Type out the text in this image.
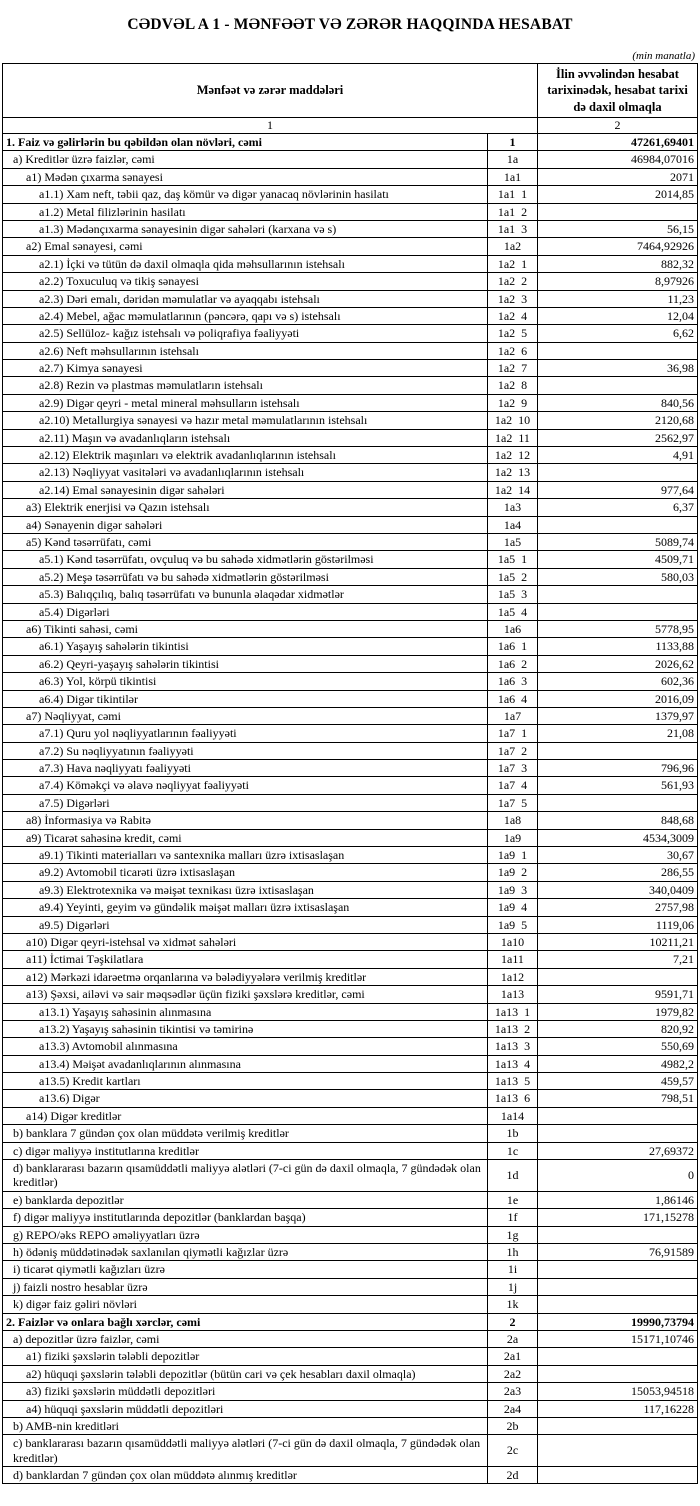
CƏDVƏL A 1 - MƏNFƏƏT VƏ ZƏRƏR HAQQINDA HESABAT
(min manatla)
Mənfəət və zərər maddələri		İlin əvvəlindən hesabat tarixinədək, hesabat tarixi də daxil olmaqla
1		2
1. Faiz və gəlirlərin bu qəbildən olan növləri, cəmi	1	47261,69401
a) Kreditlər üzrə faizlər, cəmi	1a	46984,07016
a1) Mədən çıxarma sənayesi	1a1	2071
a1.1) Xam neft, təbii qaz, daş kömür və digər yanacaq növlərinin hasilatı	1a1  1	2014,85
a1.2) Metal filizlərinin hasilatı	1a1  2	
a1.3) Mədənçıxarma sənayesinin digər sahələri (karxana və s)	1a1  3	56,15
a2) Emal sənayesi, cəmi	1a2	7464,92926
a2.1) İçki və tütün də daxil olmaqla qida məhsullarının istehsalı	1a2  1	882,32
a2.2) Toxuculuq və tikiş sənayesi	1a2  2	8,97926
a2.3) Dəri emalı, dəridən məmulatlar və ayaqqabı istehsalı	1a2  3	11,23
a2.4) Mebel, ağac məmulatlarının (pəncərə, qapı və s) istehsalı	1a2  4	12,04
a2.5) Sellüloz- kağız istehsalı və poliqrafiya fəaliyyəti	1a2  5	6,62
a2.6) Neft məhsullarının istehsalı	1a2  6	
a2.7) Kimya sənayesi	1a2  7	36,98
a2.8) Rezin və plastmas məmulatların istehsalı	1a2  8	
a2.9) Digər qeyri - metal mineral məhsulların istehsalı	1a2  9	840,56
a2.10) Metallurgiya sənayesi və hazır metal məmulatlarının istehsalı	1a2  10	2120,68
a2.11) Maşın və avadanlıqların istehsalı	1a2  11	2562,97
a2.12) Elektrik maşınları və elektrik avadanlıqlarının istehsalı	1a2  12	4,91
a2.13) Nəqliyyat vasitələri və avadanlıqlarının istehsalı	1a2  13	
a2.14) Emal sənayesinin digər sahələri	1a2  14	977,64
a3) Elektrik enerjisi və Qazın istehsalı	1a3	6,37
a4) Sənayenin digər sahələri	1a4	
a5) Kənd təsərrüfatı, cəmi	1a5	5089,74
a5.1) Kənd təsərrüfatı, ovçuluq və bu sahədə xidmətlərin göstərilməsi	1a5  1	4509,71
a5.2) Meşə təsərrüfatı və bu sahədə xidmətlərin göstərilməsi	1a5  2	580,03
a5.3) Balıqçılıq, balıq təsərrüfatı və bununla əlaqədar xidmətlər	1a5  3	
a5.4) Digərləri	1a5  4	
a6) Tikinti sahəsi, cəmi	1a6	5778,95
a6.1) Yaşayış sahələrin tikintisi	1a6  1	1133,88
a6.2) Qeyri-yaşayış sahələrin tikintisi	1a6  2	2026,62
a6.3) Yol, körpü tikintisi	1a6  3	602,36
a6.4) Digər tikintilər	1a6  4	2016,09
a7) Nəqliyyat, cəmi	1a7	1379,97
a7.1) Quru yol nəqliyyatlarının fəaliyyəti	1a7  1	21,08
a7.2) Su nəqliyyatının fəaliyyəti	1a7  2	
a7.3) Hava nəqliyyatı fəaliyyəti	1a7  3	796,96
a7.4) Köməkçi və əlavə nəqliyyat fəaliyyəti	1a7  4	561,93
a7.5) Digərləri	1a7  5	
a8) İnformasiya və Rabitə	1a8	848,68
a9) Ticarət sahəsinə kredit, cəmi	1a9	4534,3009
a9.1) Tikinti materialları və santexnika malları üzrə ixtisaslaşan	1a9  1	30,67
a9.2) Avtomobil ticarəti üzrə ixtisaslaşan	1a9  2	286,55
a9.3) Elektrotexnika və məişət texnikası üzrə ixtisaslaşan	1a9  3	340,0409
a9.4) Yeyinti, geyim və gündəlik məişət malları üzrə ixtisaslaşan	1a9  4	2757,98
a9.5) Digərləri	1a9  5	1119,06
a10) Digər qeyri-istehsal və xidmət sahələri	1a10	10211,21
a11) İctimai Təşkilatlara	1a11	7,21
a12) Mərkəzi idarəetmə orqanlarına və bələdiyyələrə verilmiş kreditlər	1a12	
a13) Şəxsi, ailəvi və sair məqsədlər üçün fiziki şəxslərə kreditlər, cəmi	1a13	9591,71
a13.1) Yaşayış sahəsinin alınmasına	1a13  1	1979,82
a13.2) Yaşayış sahəsinin tikintisi və təmirinə	1a13  2	820,92
a13.3) Avtomobil alınmasına	1a13  3	550,69
a13.4) Məişət avadanlıqlarının alınmasına	1a13  4	4982,2
a13.5) Kredit kartları	1a13  5	459,57
a13.6) Digər	1a13  6	798,51
a14) Digər kreditlər	1a14	
b) banklara 7 gündən çox olan müddətə verilmiş kreditlər	1b	
c) digər maliyyə institutlarına kreditlər	1c	27,69372
d) banklararası bazarın qısamüddətli maliyyə alətləri (7-ci gün də daxil olmaqla, 7 gündədək olan kreditlər)	1d	0
e) banklarda depozitlər	1e	1,86146
f) digər maliyyə institutlarında depozitlər (banklardan başqa)	1f	171,15278
g) REPO/əks REPO əməliyyatları üzrə	1g	
h) ödəniş müddətinədək saxlanılan qiymətli kağızlar üzrə	1h	76,91589
i) ticarət qiymətli kağızları üzrə	1i	
j) faizli nostro hesablar üzrə	1j	
k) digər faiz gəliri növləri	1k	
2. Faizlər və onlara bağlı xərclər, cəmi	2	19990,73794
a) depozitlər üzrə faizlər, cəmi	2a	15171,10746
a1) fiziki şəxslərin tələbli depozitlər	2a1	
a2) hüquqi şəxslərin tələbli depozitlər (bütün cari və çek hesabları daxil olmaqla)	2a2	
a3) fiziki şəxslərin müddətli depozitləri	2a3	15053,94518
a4) hüquqi şəxslərin müddətli depozitləri	2a4	117,16228
b) AMB-nin kreditləri	2b	
c) banklararası bazarın qısamüddətli maliyyə alətləri (7-ci gün də daxil olmaqla, 7 gündədək olan kreditlər)	2c	
d) banklardan 7 gündən çox olan müddətə alınmış kreditlər	2d	
